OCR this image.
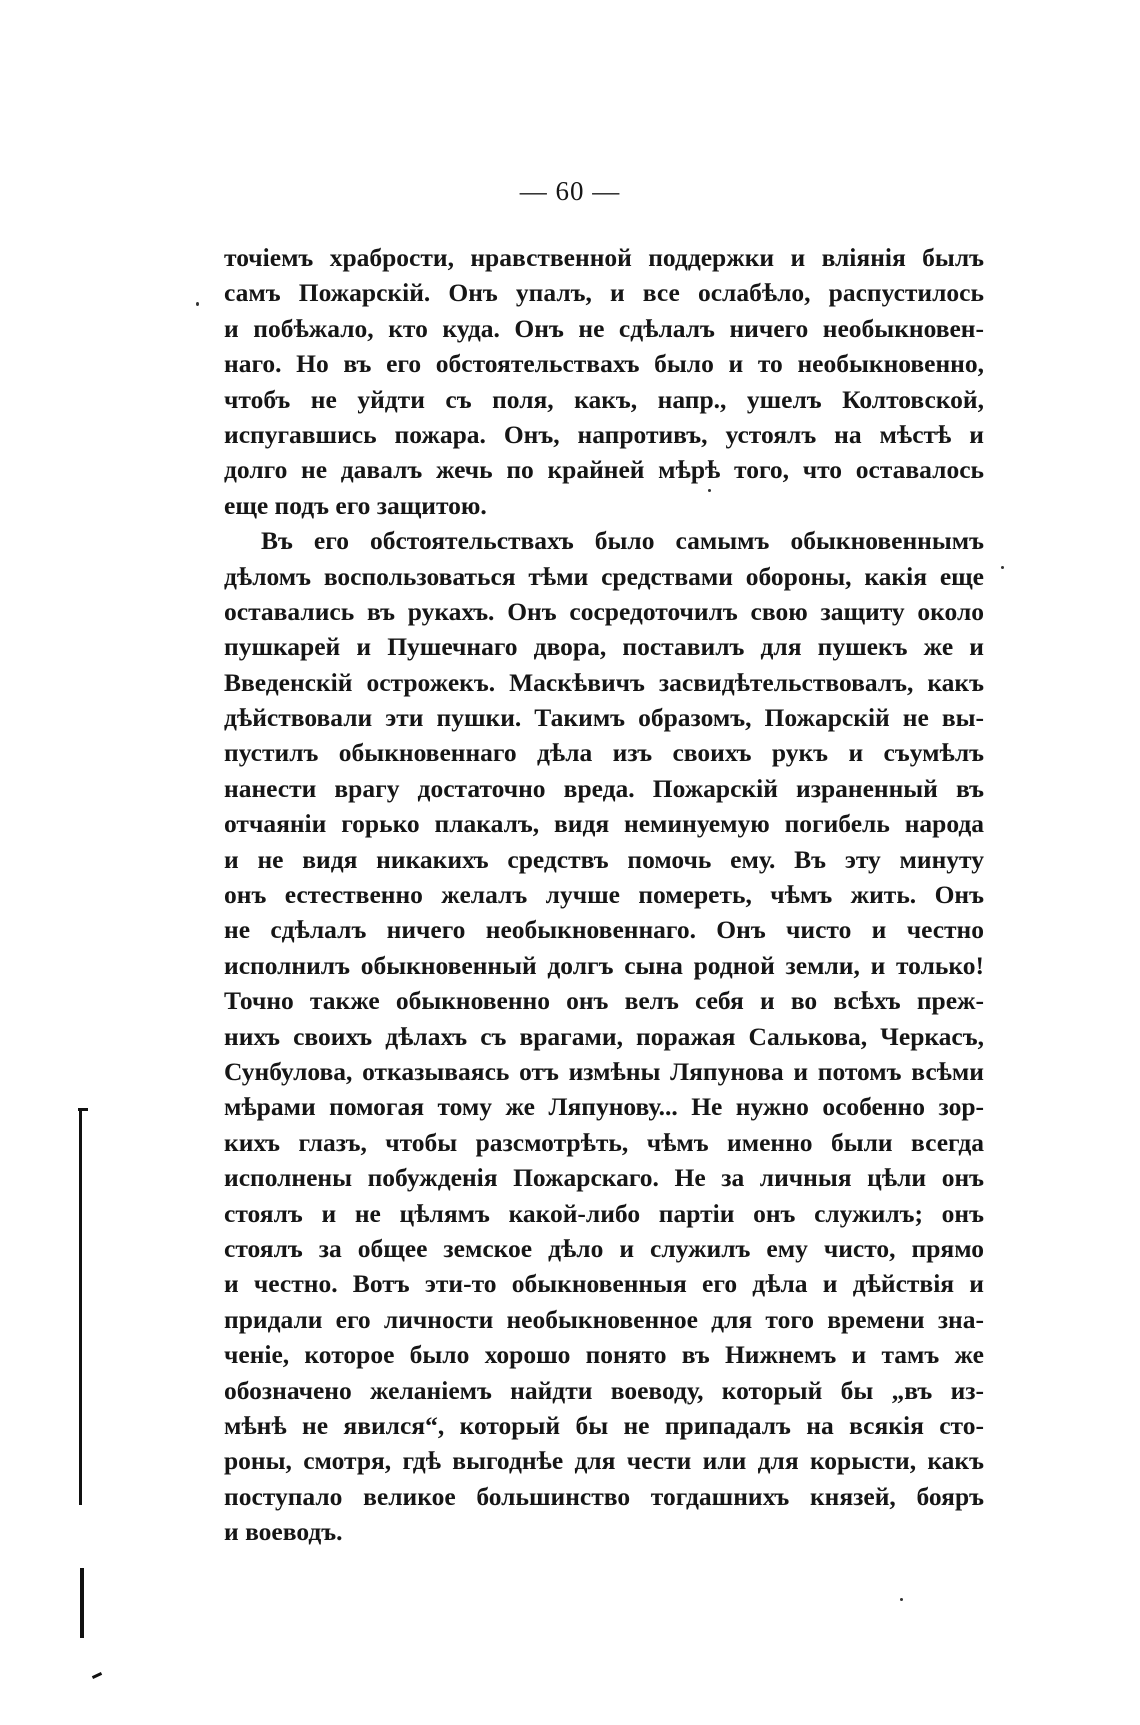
— 60 —
точіемъ храбрости, нравственной поддержки и вліянія былъ
самъ Пожарскій. Онъ упалъ, и все ослабѣло, распустилось
и побѣжало, кто куда. Онъ не сдѣлалъ ничего необыкновен-
наго. Но въ его обстоятельствахъ было и то необыкновенно,
чтобъ не уйдти съ поля, какъ, напр., ушелъ Колтовской,
испугавшись пожара. Онъ, напротивъ, устоялъ на мѣстѣ и
долго не давалъ жечь по крайней мѣрѣ того, что оставалось
еще подъ его защитою.
Въ его обстоятельствахъ было самымъ обыкновеннымъ
дѣломъ воспользоваться тѣми средствами обороны, какія еще
оставались въ рукахъ. Онъ сосредоточилъ свою защиту около
пушкарей и Пушечнаго двора, поставилъ для пушекъ же и
Введенскій острожекъ. Маскѣвичъ засвидѣтельствовалъ, какъ
дѣйствовали эти пушки. Такимъ образомъ, Пожарскій не вы-
пустилъ обыкновеннаго дѣла изъ своихъ рукъ и съумѣлъ
нанести врагу достаточно вреда. Пожарскій израненный въ
отчаяніи горько плакалъ, видя неминуемую погибель народа
и не видя никакихъ средствъ помочь ему. Въ эту минуту
онъ естественно желалъ лучше помереть, чѣмъ жить. Онъ
не сдѣлалъ ничего необыкновеннаго. Онъ чисто и честно
исполнилъ обыкновенный долгъ сына родной земли, и только!
Точно также обыкновенно онъ велъ себя и во всѣхъ преж-
нихъ своихъ дѣлахъ съ врагами, поражая Салькова, Черкасъ,
Сунбулова, отказываясь отъ измѣны Ляпунова и потомъ всѣми
мѣрами помогая тому же Ляпунову... Не нужно особенно зор-
кихъ глазъ, чтобы разсмотрѣть, чѣмъ именно были всегда
исполнены побужденія Пожарскаго. Не за личныя цѣли онъ
стоялъ и не цѣлямъ какой-либо партіи онъ служилъ; онъ
стоялъ за общее земское дѣло и служилъ ему чисто, прямо
и честно. Вотъ эти-то обыкновенныя его дѣла и дѣйствія и
придали его личности необыкновенное для того времени зна-
ченіе, которое было хорошо понято въ Нижнемъ и тамъ же
обозначено желаніемъ найдти воеводу, который бы „въ из-
мѣнѣ не явился“, который бы не припадалъ на всякія сто-
роны, смотря, гдѣ выгоднѣе для чести или для корысти, какъ
поступало великое большинство тогдашнихъ князей, бояръ
и воеводъ.
